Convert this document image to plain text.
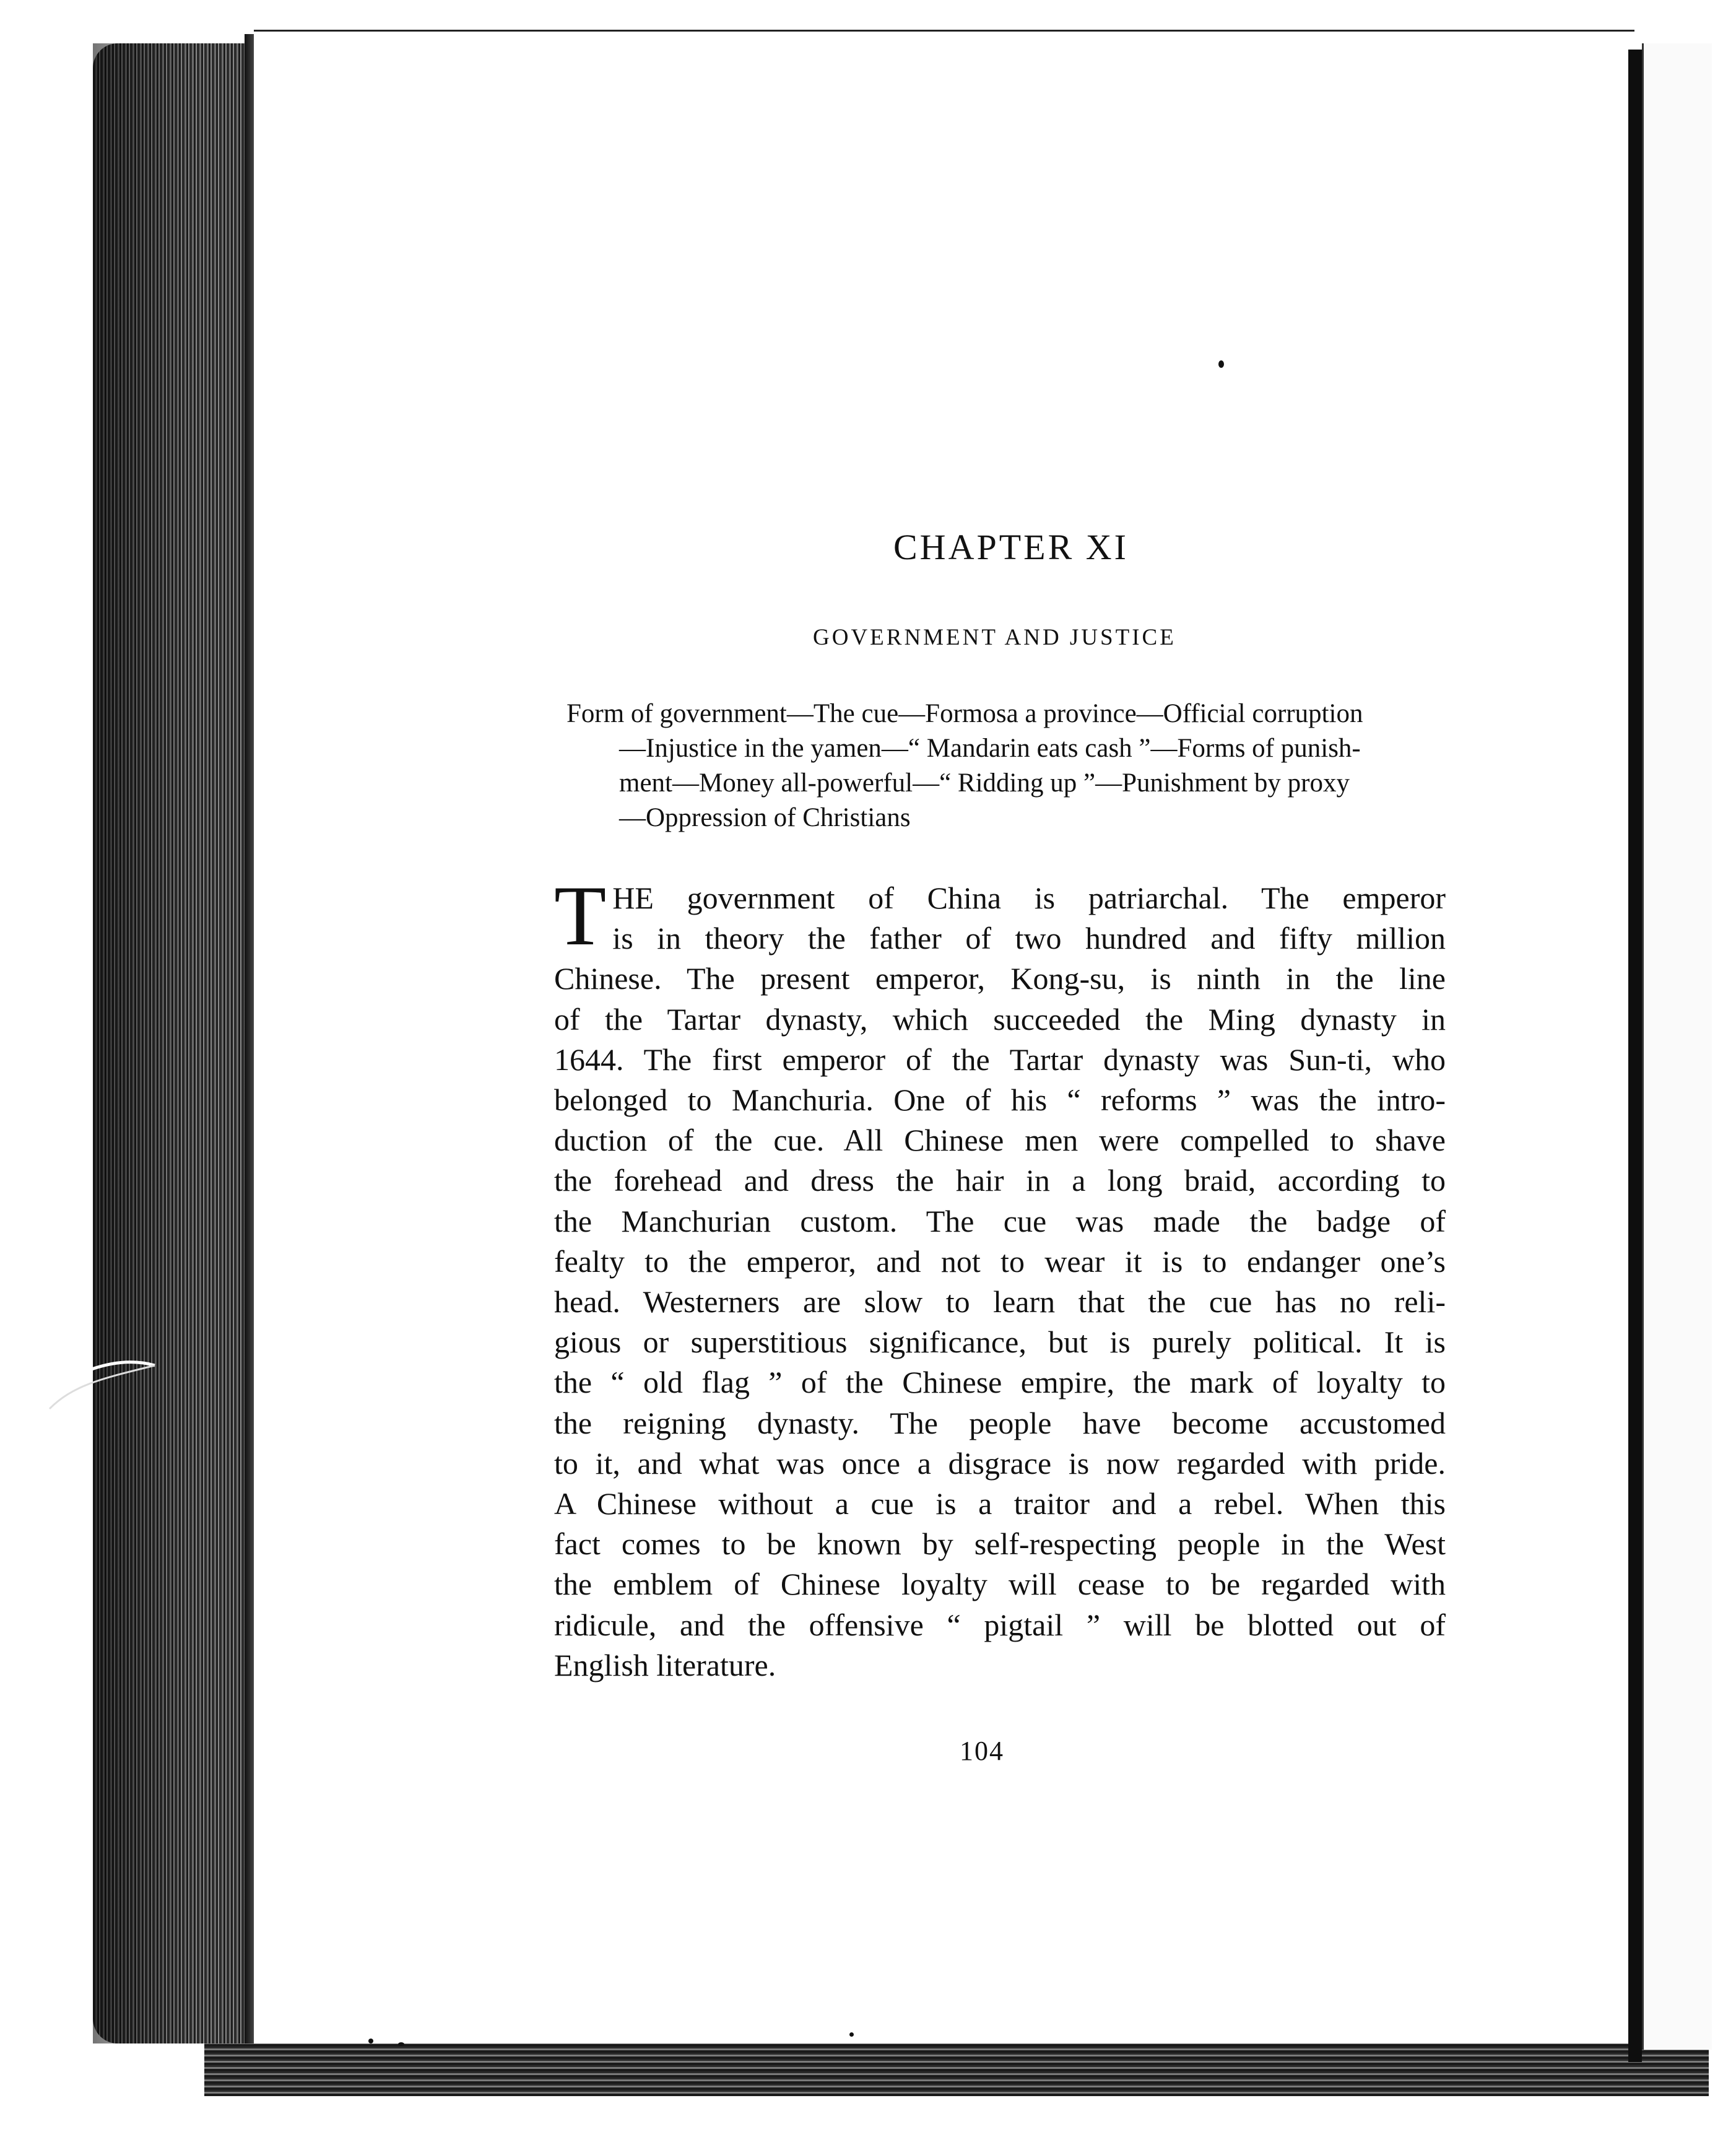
CHAPTER XI
GOVERNMENT AND JUSTICE
Form of government—The cue—Formosa a province—Official corruption
—Injustice in the yamen—“ Mandarin eats cash ”—Forms of punish-
ment—Money all-powerful—“ Ridding up ”—Punishment by proxy
—Oppression of Christians
T HE government of China is patriarchal. The emperor
is in theory the father of two hundred and fifty million
Chinese. The present emperor, Kong-su, is ninth in the line
of the Tartar dynasty, which succeeded the Ming dynasty in
1644. The first emperor of the Tartar dynasty was Sun-ti, who
belonged to Manchuria. One of his “ reforms ” was the intro-
duction of the cue. All Chinese men were compelled to shave
the forehead and dress the hair in a long braid, according to
the Manchurian custom. The cue was made the badge of
fealty to the emperor, and not to wear it is to endanger one’s
head. Westerners are slow to learn that the cue has no reli-
gious or superstitious significance, but is purely political. It is
the “ old flag ” of the Chinese empire, the mark of loyalty to
the reigning dynasty. The people have become accustomed
to it, and what was once a disgrace is now regarded with pride.
A Chinese without a cue is a traitor and a rebel. When this
fact comes to be known by self-respecting people in the West
the emblem of Chinese loyalty will cease to be regarded with
ridicule, and the offensive “ pigtail ” will be blotted out of
English literature.
104
